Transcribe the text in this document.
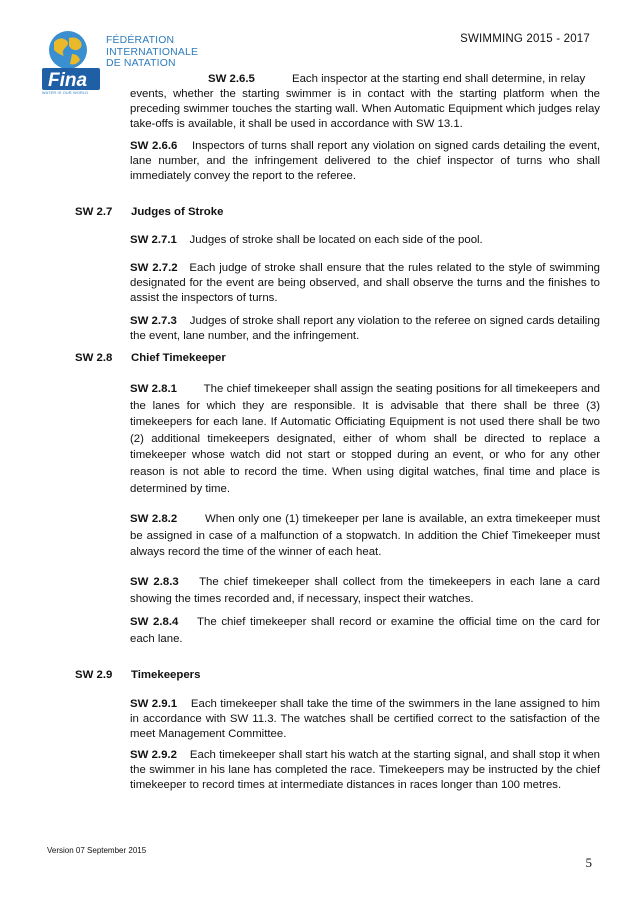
SWIMMING 2015 - 2017
Fina
FÉDÉRATION
INTERNATIONALE
DE NATATION
WATER IS OUR WORLD

SW 2.6.5	Each inspector at the starting end shall determine, in relay

events, whether the starting swimmer is in contact with the starting platform when the preceding swimmer touches the starting wall. When Automatic Equipment which judges relay take-offs is available, it shall be used in accordance with SW 13.1.

SW 2.6.6 Inspectors of turns shall report any violation on signed cards detailing the event, lane number, and the infringement delivered to the chief inspector of turns who shall immediately convey the report to the referee.

SW 2.7 Judges of Stroke

SW 2.7.1 Judges of stroke shall be located on each side of the pool.

SW 2.7.2 Each judge of stroke shall ensure that the rules related to the style of swimming designated for the event are being observed, and shall observe the turns and the finishes to assist the inspectors of turns.

SW 2.7.3 Judges of stroke shall report any violation to the referee on signed cards detailing the event, lane number, and the infringement.

SW 2.8 Chief Timekeeper

SW 2.8.1 The chief timekeeper shall assign the seating positions for all timekeepers and the lanes for which they are responsible. It is advisable that there shall be three (3) timekeepers for each lane. If Automatic Officiating Equipment is not used there shall be two (2) additional timekeepers designated, either of whom shall be directed to replace a timekeeper whose watch did not start or stopped during an event, or who for any other reason is not able to record the time. When using digital watches, final time and place is determined by time.

SW 2.8.2 When only one (1) timekeeper per lane is available, an extra timekeeper must be assigned in case of a malfunction of a stopwatch. In addition the Chief Timekeeper must always record the time of the winner of each heat.

SW 2.8.3 The chief timekeeper shall collect from the timekeepers in each lane a card showing the times recorded and, if necessary, inspect their watches.

SW 2.8.4 The chief timekeeper shall record or examine the official time on the card for each lane.

SW 2.9 Timekeepers

SW 2.9.1 Each timekeeper shall take the time of the swimmers in the lane assigned to him in accordance with SW 11.3. The watches shall be certified correct to the satisfaction of the meet Management Committee.

SW 2.9.2 Each timekeeper shall start his watch at the starting signal, and shall stop it when the swimmer in his lane has completed the race. Timekeepers may be instructed by the chief timekeeper to record times at intermediate distances in races longer than 100 metres.

Version 07 September 2015
5
